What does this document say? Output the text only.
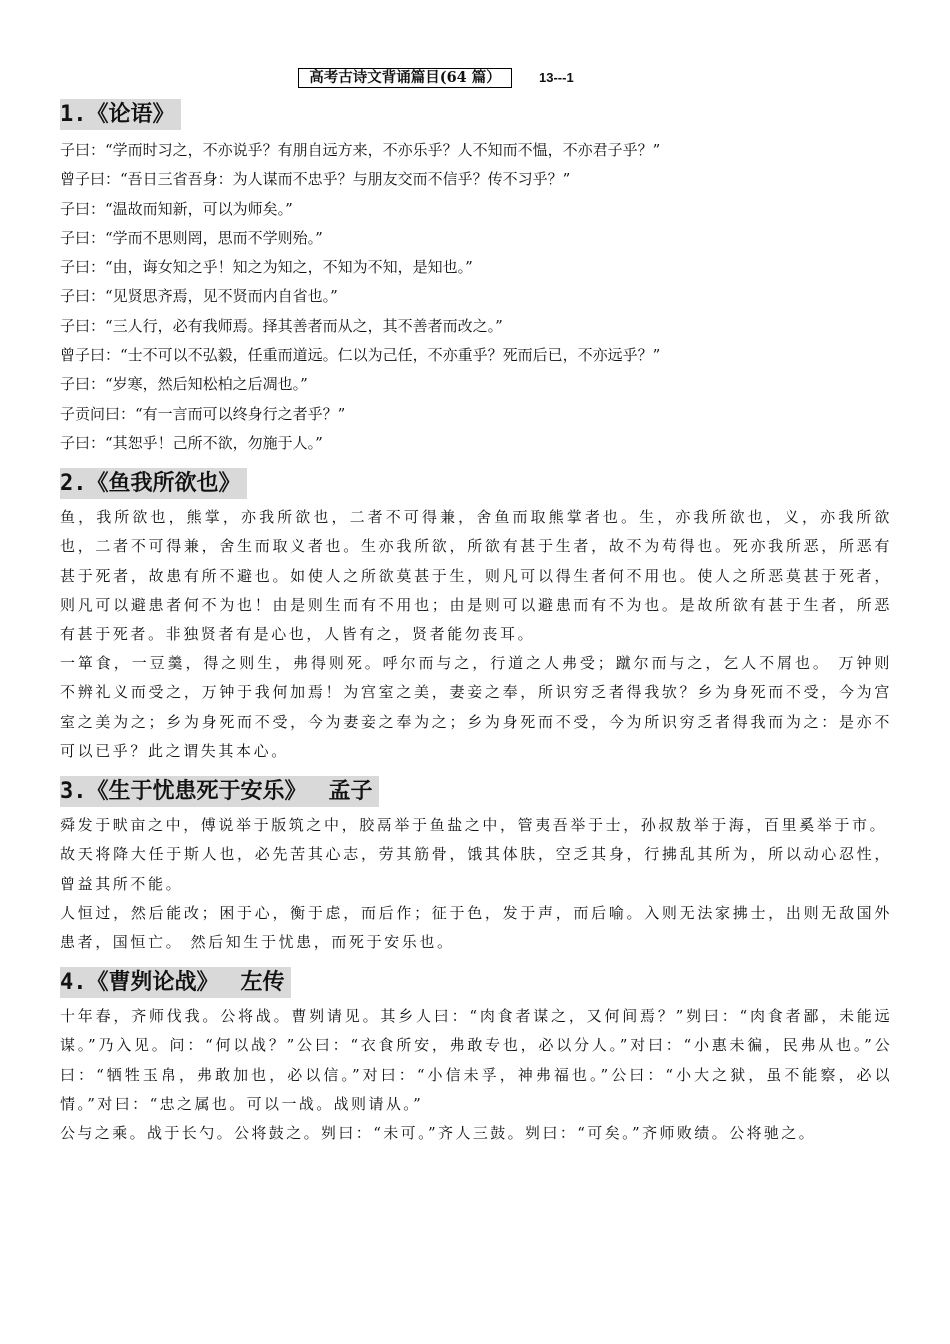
高考古诗文背诵篇目(64 篇）	13---1
1.《论语》
子曰：“学而时习之，不亦说乎？有朋自远方来，不亦乐乎？人不知而不愠，不亦君子乎？”
曾子曰：“吾日三省吾身：为人谋而不忠乎？与朋友交而不信乎？传不习乎？”
子曰：“温故而知新，可以为师矣。”
子曰：“学而不思则罔，思而不学则殆。”
子曰：“由，诲女知之乎！知之为知之，不知为不知，是知也。”
子曰：“见贤思齐焉，见不贤而内自省也。”
子曰：“三人行，必有我师焉。择其善者而从之，其不善者而改之。”
曾子曰：“士不可以不弘毅，任重而道远。仁以为己任，不亦重乎？死而后已，不亦远乎？”
子曰：“岁寒，然后知松柏之后凋也。”
子贡问曰：“有一言而可以终身行之者乎？”
子曰：“其恕乎！己所不欲，勿施于人。”
2.《鱼我所欲也》

鱼，我所欲也，熊掌，亦我所欲也，二者不可得兼，舍鱼而取熊掌者也。生，亦我所欲也，义，亦我所欲也，二者不可得兼，舍生而取义者也。生亦我所欲，所欲有甚于生者，故不为苟得也。死亦我所恶，所恶有甚于死者，故患有所不避也。如使人之所欲莫甚于生，则凡可以得生者何不用也。使人之所恶莫甚于死者，则凡可以避患者何不为也！由是则生而有不用也；由是则可以避患而有不为也。是故所欲有甚于生者，所恶有甚于死者。非独贤者有是心也，人皆有之，贤者能勿丧耳。

一箪食，一豆羹，得之则生，弗得则死。呼尔而与之，行道之人弗受；蹴尔而与之，乞人不屑也。 万钟则不辨礼义而受之，万钟于我何加焉！为宫室之美，妻妾之奉，所识穷乏者得我欤？乡为身死而不受，今为宫室之美为之；乡为身死而不受，今为妻妾之奉为之；乡为身死而不受，今为所识穷乏者得我而为之：是亦不可以已乎？此之谓失其本心。

3.《生于忧患死于安乐》 孟子

舜发于畎亩之中，傅说举于版筑之中，胶鬲举于鱼盐之中，管夷吾举于士，孙叔敖举于海，百里奚举于市。

故天将降大任于斯人也，必先苦其心志，劳其筋骨，饿其体肤，空乏其身，行拂乱其所为，所以动心忍性，曾益其所不能。

人恒过，然后能改；困于心，衡于虑，而后作；征于色，发于声，而后喻。入则无法家拂士，出则无敌国外患者，国恒亡。 然后知生于忧患，而死于安乐也。

4.《曹刿论战》 左传

十年春，齐师伐我。公将战。曹刿请见。其乡人曰：“肉食者谋之，又何间焉？”刿曰：“肉食者鄙，未能远谋。”乃入见。问：“何以战？”公曰：“衣食所安，弗敢专也，必以分人。”对曰：“小惠未徧，民弗从也。”公曰：“牺牲玉帛，弗敢加也，必以信。”对曰：“小信未孚，神弗福也。”公曰：“小大之狱，虽不能察，必以情。”对曰：“忠之属也。可以一战。战则请从。”

公与之乘。战于长勺。公将鼓之。刿曰：“未可。”齐人三鼓。刿曰：“可矣。”齐师败绩。公将驰之。
